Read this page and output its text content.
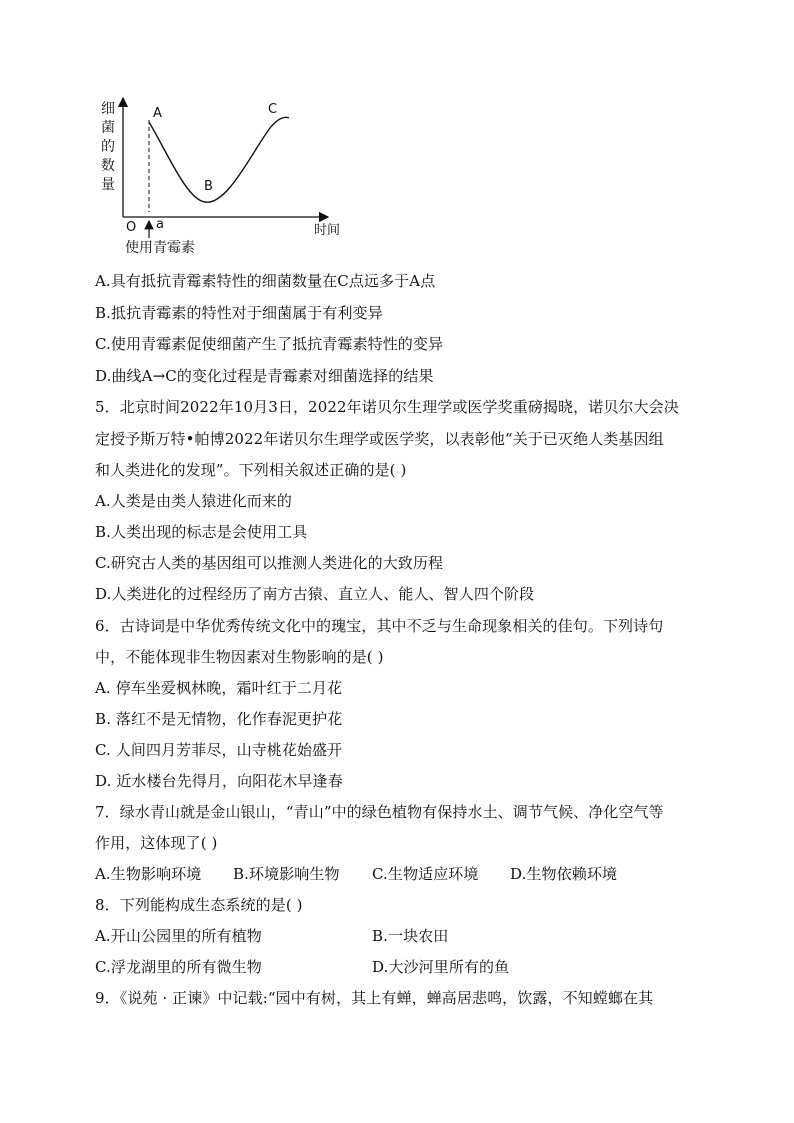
细菌的数量
A
B
C
O a	时间
使用青霉素
A.具有抵抗青霉素特性的细菌数量在C点远多于A点
B.抵抗青霉素的特性对于细菌属于有利变异
C.使用青霉素促使细菌产生了抵抗青霉素特性的变异
D.曲线A→C的变化过程是青霉素对细菌选择的结果
5．北京时间2022年10月3日，2022年诺贝尔生理学或医学奖重磅揭晓，诺贝尔大会决
定授予斯万特•帕博2022年诺贝尔生理学或医学奖，以表彰他“关于已灭绝人类基因组
和人类进化的发现”。下列相关叙述正确的是( )
A.人类是由类人猿进化而来的
B.人类出现的标志是会使用工具
C.研究古人类的基因组可以推测人类进化的大致历程
D.人类进化的过程经历了南方古猿、直立人、能人、智人四个阶段
6．古诗词是中华优秀传统文化中的瑰宝，其中不乏与生命现象相关的佳句。下列诗句
中，不能体现非生物因素对生物影响的是( )
A. 停车坐爱枫林晚，霜叶红于二月花
B. 落红不是无情物，化作春泥更护花
C. 人间四月芳菲尽，山寺桃花始盛开
D. 近水楼台先得月，向阳花木早逢春
7．绿水青山就是金山银山，“青山”中的绿色植物有保持水土、调节气候、净化空气等
作用，这体现了( )
A.生物影响环境 B.环境影响生物 C.生物适应环境 D.生物依赖环境
8．下列能构成生态系统的是( )
A.开山公园里的所有植物	B.一块农田
C.浮龙湖里的所有微生物	D.大沙河里所有的鱼
9．《说苑 · 正谏》中记载:“园中有树，其上有蝉，蝉高居悲鸣，饮露，不知螳螂在其
